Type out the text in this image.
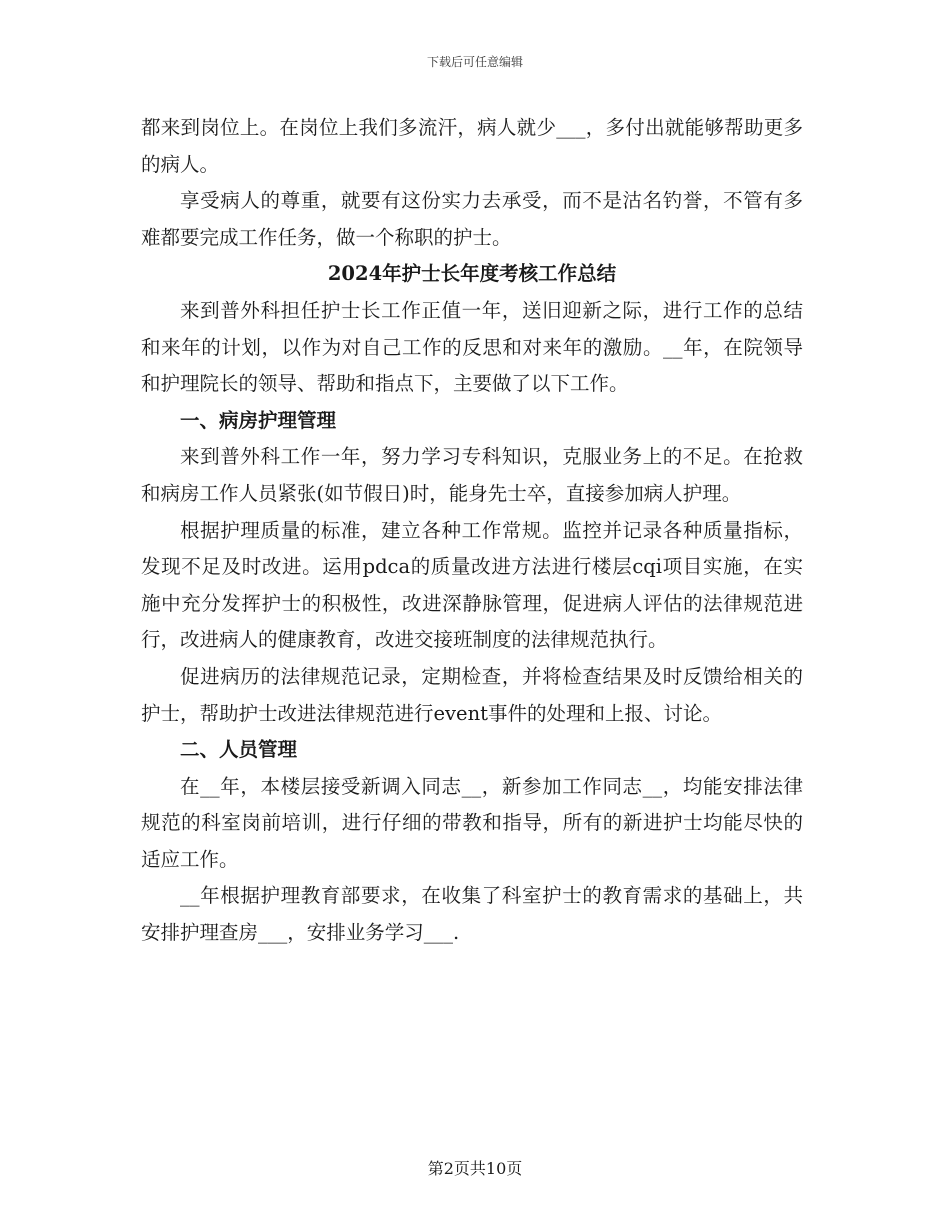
下载后可任意编辑

都来到岗位上。在岗位上我们多流汗，病人就少___，多付出就能够帮助更多的病人。

享受病人的尊重，就要有这份实力去承受，而不是沽名钓誉，不管有多难都要完成工作任务，做一个称职的护士。

2024年护士长年度考核工作总结

来到普外科担任护士长工作正值一年，送旧迎新之际，进行工作的总结和来年的计划，以作为对自己工作的反思和对来年的激励。__年，在院领导和护理院长的领导、帮助和指点下，主要做了以下工作。

一、病房护理管理

来到普外科工作一年，努力学习专科知识，克服业务上的不足。在抢救和病房工作人员紧张(如节假日)时，能身先士卒，直接参加病人护理。

根据护理质量的标准，建立各种工作常规。监控并记录各种质量指标，发现不足及时改进。运用pdca的质量改进方法进行楼层cqi项目实施，在实施中充分发挥护士的积极性，改进深静脉管理，促进病人评估的法律规范进行，改进病人的健康教育，改进交接班制度的法律规范执行。

促进病历的法律规范记录，定期检查，并将检查结果及时反馈给相关的护士，帮助护士改进法律规范进行event事件的处理和上报、讨论。

二、人员管理

在__年，本楼层接受新调入同志__，新参加工作同志__，均能安排法律规范的科室岗前培训，进行仔细的带教和指导，所有的新进护士均能尽快的适应工作。

__年根据护理教育部要求，在收集了科室护士的教育需求的基础上，共安排护理查房___，安排业务学习___.

第2页共10页
